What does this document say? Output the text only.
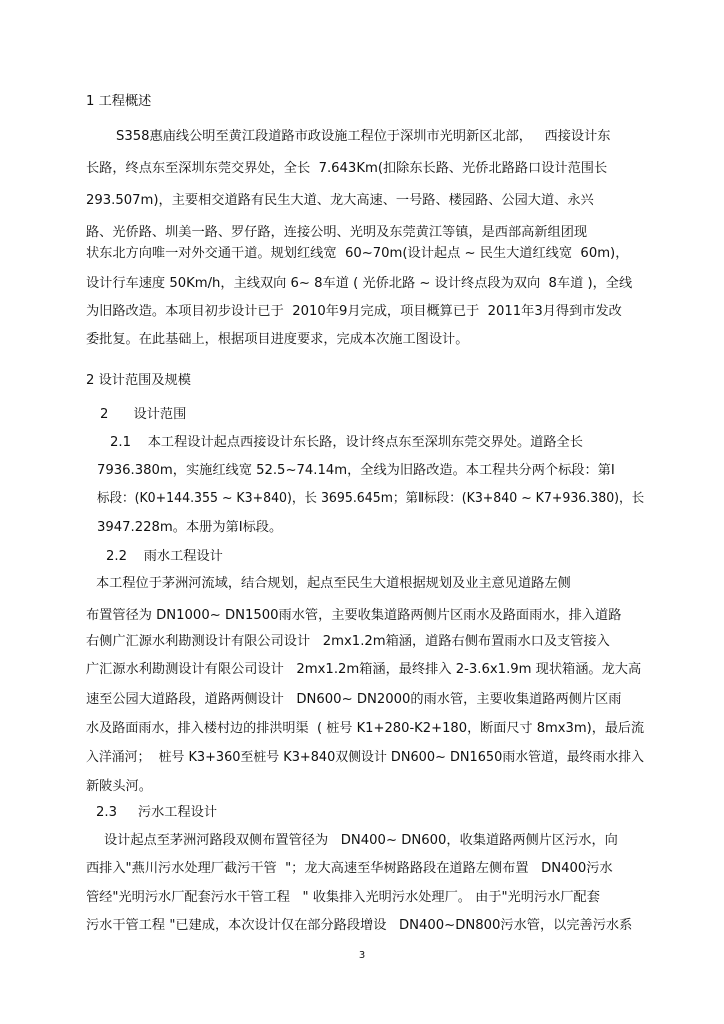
1 工程概述
S358惠庙线公明至黄江段道路市政设施工程位于深圳市光明新区北部，   西接设计东
长路，终点东至深圳东莞交界处，全长  7.643Km(扣除东长路、光侨北路路口设计范围长
293.507m)，主要相交道路有民生大道、龙大高速、一号路、楼园路、公园大道、永兴
路、光侨路、圳美一路、罗仔路，连接公明、光明及东莞黄江等镇，是西部高新组团现
状东北方向唯一对外交通干道。规划红线宽  60~70m(设计起点 ~ 民生大道红线宽  60m)，
设计行车速度 50Km/h，主线双向 6~ 8车道 ( 光侨北路 ~ 设计终点段为双向  8车道 )，全线
为旧路改造。本项目初步设计已于  2010年9月完成，项目概算已于  2011年3月得到市发改
委批复。在此基础上，根据项目进度要求，完成本次施工图设计。
2 设计范围及规模
2      设计范围
2.1    本工程设计起点西接设计东长路，设计终点东至深圳东莞交界处。道路全长
7936.380m，实施红线宽 52.5~74.14m，全线为旧路改造。本工程共分两个标段：第Ⅰ
标段：(K0+144.355 ~ K3+840)，长 3695.645m；第Ⅱ标段：(K3+840 ~ K7+936.380)，长
3947.228m。本册为第Ⅰ标段。
2.2    雨水工程设计
本工程位于茅洲河流域，结合规划，起点至民生大道根据规划及业主意见道路左侧
布置管径为 DN1000~ DN1500雨水管，主要收集道路两侧片区雨水及路面雨水，排入道路
右侧广汇源水利勘测设计有限公司设计   2mx1.2m箱涵，道路右侧布置雨水口及支管接入
广汇源水利勘测设计有限公司设计   2mx1.2m箱涵，最终排入 2-3.6x1.9m 现状箱涵。龙大高
速至公园大道路段，道路两侧设计   DN600~ DN2000的雨水管，主要收集道路两侧片区雨
水及路面雨水，排入楼村边的排洪明渠  ( 桩号 K1+280-K2+180，断面尺寸 8mx3m)，最后流
入洋涌河；  桩号 K3+360至桩号 K3+840双侧设计 DN600~ DN1650雨水管道，最终雨水排入
新陂头河。
2.3     污水工程设计
设计起点至茅洲河路段双侧布置管径为   DN400~ DN600，收集道路两侧片区污水，向
西排入"燕川污水处理厂截污干管  "；龙大高速至华树路路段在道路左侧布置   DN400污水
管经"光明污水厂配套污水干管工程   " 收集排入光明污水处理厂。 由于"光明污水厂配套
污水干管工程 "已建成，本次设计仅在部分路段增设   DN400~DN800污水管，以完善污水系
3
